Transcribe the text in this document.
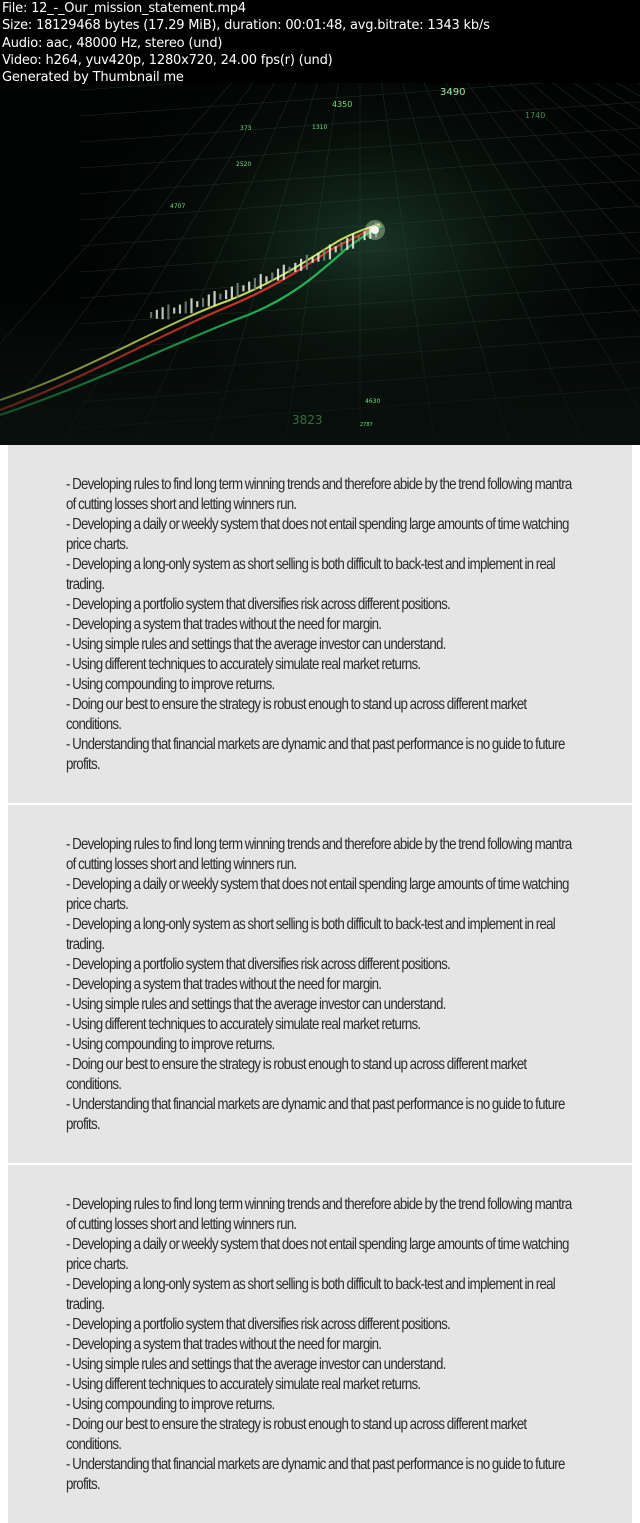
3490
4350
1740
373	1310
2520
4707
4630
3823	2787
File: 12_-_Our_mission_statement.mp4
Size: 18129468 bytes (17.29 MiB), duration: 00:01:48, avg.bitrate: 1343 kb/s
Audio: aac, 48000 Hz, stereo (und)
Video: h264, yuv420p, 1280x720, 24.00 fps(r) (und)
Generated by Thumbnail me

- Developing rules to find long term winning trends and therefore abide by the trend following mantra of cutting losses short and letting winners run.

- Developing a daily or weekly system that does not entail spending large amounts of time watching price charts.

- Developing a long-only system as short selling is both difficult to back-test and implement in real trading.

- Developing a portfolio system that diversifies risk across different positions.

- Developing a system that trades without the need for margin.

- Using simple rules and settings that the average investor can understand.

- Using different techniques to accurately simulate real market returns.

- Using compounding to improve returns.

- Doing our best to ensure the strategy is robust enough to stand up across different market conditions.

- Understanding that financial markets are dynamic and that past performance is no guide to future profits.

- Developing rules to find long term winning trends and therefore abide by the trend following mantra of cutting losses short and letting winners run.

- Developing a daily or weekly system that does not entail spending large amounts of time watching price charts.

- Developing a long-only system as short selling is both difficult to back-test and implement in real trading.

- Developing a portfolio system that diversifies risk across different positions.

- Developing a system that trades without the need for margin.

- Using simple rules and settings that the average investor can understand.

- Using different techniques to accurately simulate real market returns.

- Using compounding to improve returns.

- Doing our best to ensure the strategy is robust enough to stand up across different market conditions.

- Understanding that financial markets are dynamic and that past performance is no guide to future profits.

- Developing rules to find long term winning trends and therefore abide by the trend following mantra of cutting losses short and letting winners run.

- Developing a daily or weekly system that does not entail spending large amounts of time watching price charts.

- Developing a long-only system as short selling is both difficult to back-test and implement in real trading.

- Developing a portfolio system that diversifies risk across different positions.

- Developing a system that trades without the need for margin.

- Using simple rules and settings that the average investor can understand.

- Using different techniques to accurately simulate real market returns.

- Using compounding to improve returns.

- Doing our best to ensure the strategy is robust enough to stand up across different market conditions.

- Understanding that financial markets are dynamic and that past performance is no guide to future profits.
